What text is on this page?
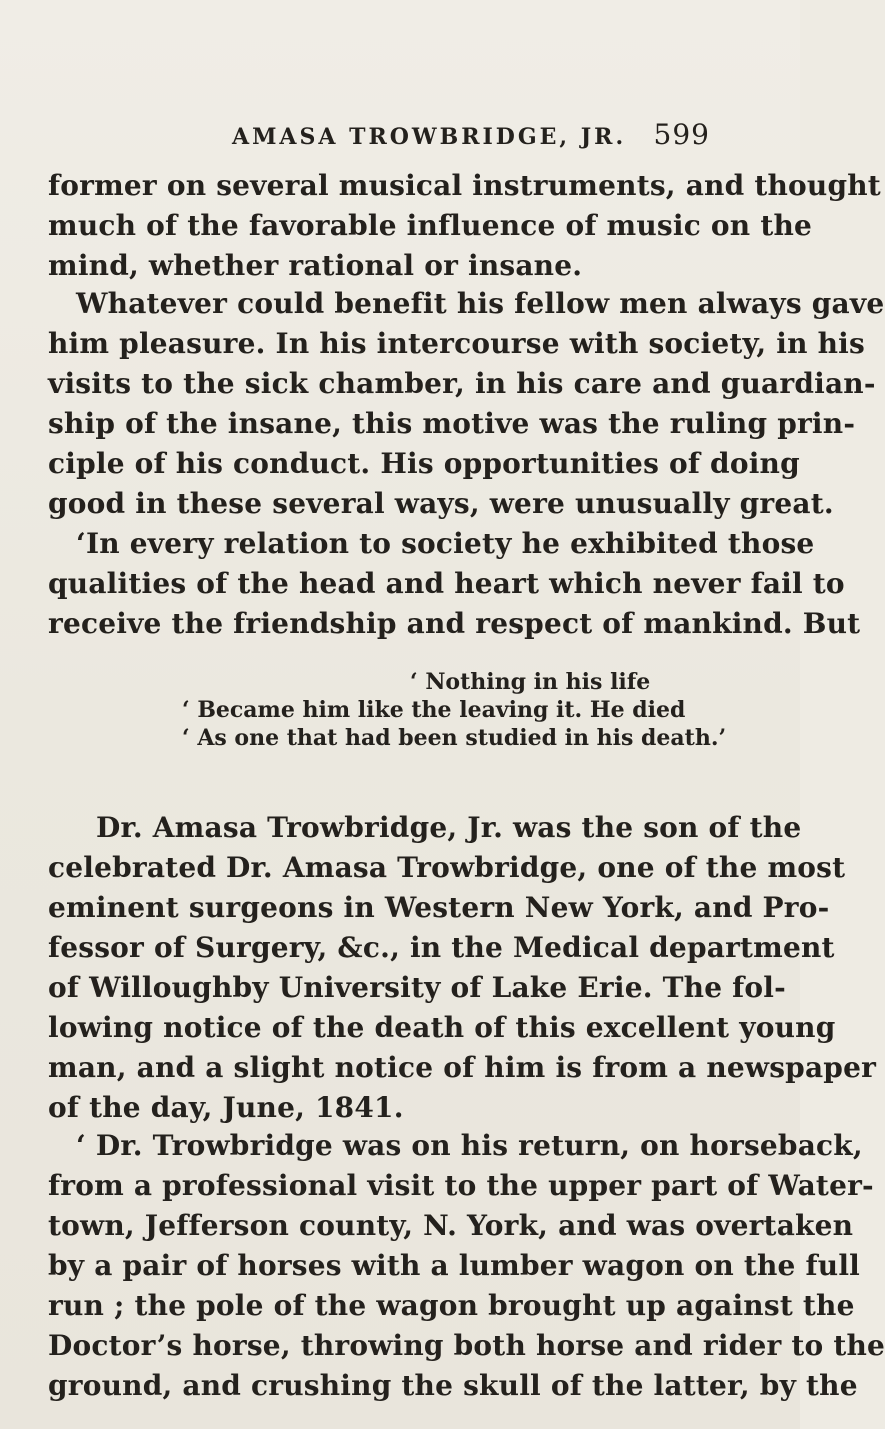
AMASA TROWBRIDGE, JR. 599
former on several musical instruments, and thought
much of the favorable influence of music on the
mind, whether rational or insane.
Whatever could benefit his fellow men always gave
him pleasure. In his intercourse with society, in his
visits to the sick chamber, in his care and guardian-
ship of the insane, this motive was the ruling prin-
ciple of his conduct. His opportunities of doing
good in these several ways, were unusually great.
‘In every relation to society he exhibited those
qualities of the head and heart which never fail to
receive the friendship and respect of mankind. But
‘ Nothing in his life
‘ Became him like the leaving it. He died
‘ As one that had been studied in his death.’
Dr. Amasa Trowbridge, Jr. was the son of the
celebrated Dr. Amasa Trowbridge, one of the most
eminent surgeons in Western New York, and Pro-
fessor of Surgery, &c., in the Medical department
of Willoughby University of Lake Erie. The fol-
lowing notice of the death of this excellent young
man, and a slight notice of him is from a newspaper
of the day, June, 1841.
‘ Dr. Trowbridge was on his return, on horseback,
from a professional visit to the upper part of Water-
town, Jefferson county, N. York, and was overtaken
by a pair of horses with a lumber wagon on the full
run ; the pole of the wagon brought up against the
Doctor’s horse, throwing both horse and rider to the
ground, and crushing the skull of the latter, by the
